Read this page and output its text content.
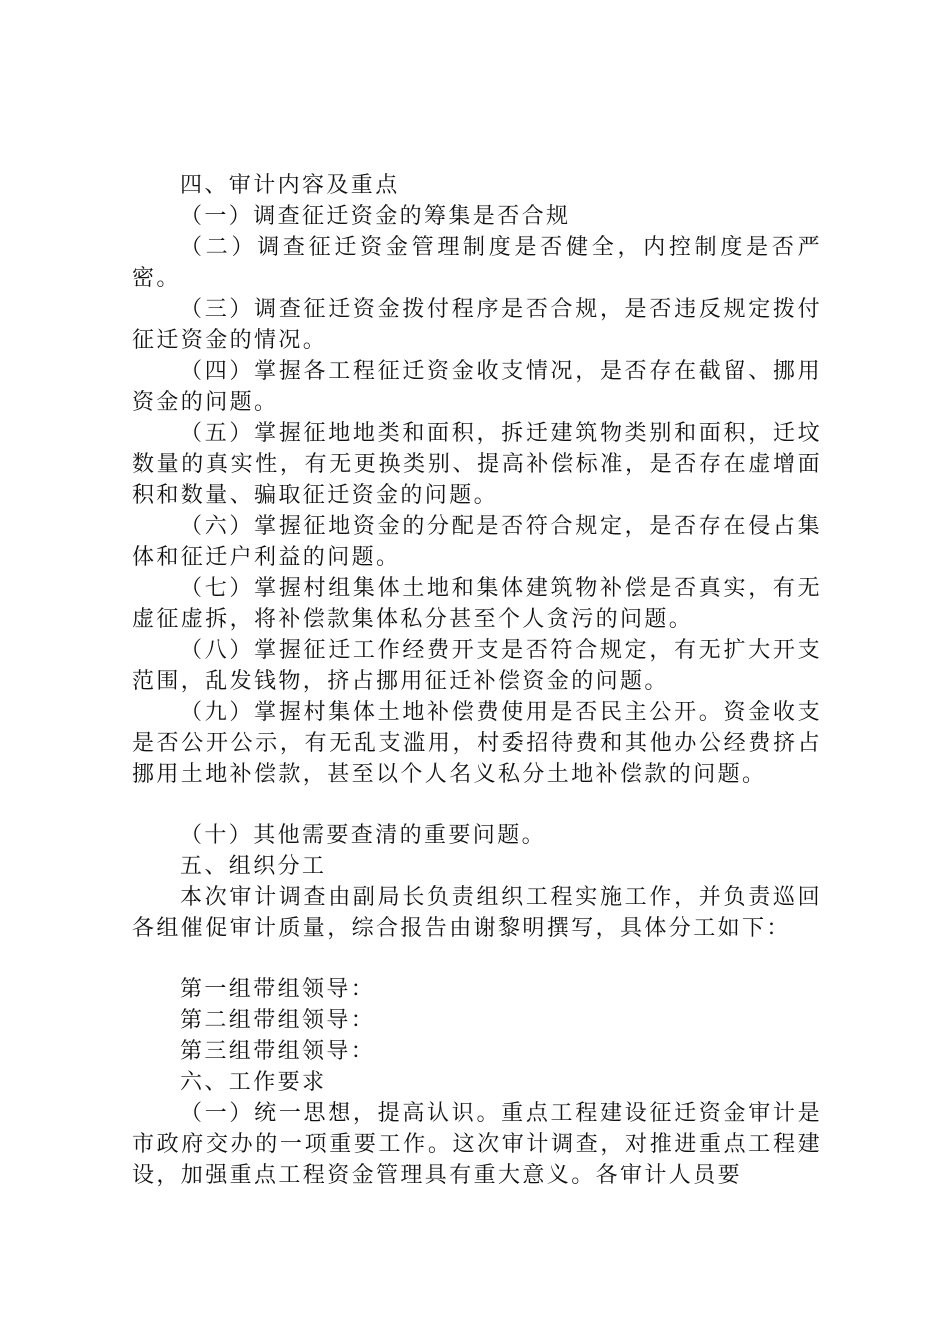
四、审计内容及重点

（一）调查征迁资金的筹集是否合规

（二）调查征迁资金管理制度是否健全，内控制度是否严密。

（三）调查征迁资金拨付程序是否合规，是否违反规定拨付征迁资金的情况。

（四）掌握各工程征迁资金收支情况，是否存在截留、挪用资金的问题。

（五）掌握征地地类和面积，拆迁建筑物类别和面积，迁坟数量的真实性，有无更换类别、提高补偿标准，是否存在虚增面积和数量、骗取征迁资金的问题。

（六）掌握征地资金的分配是否符合规定，是否存在侵占集体和征迁户利益的问题。

（七）掌握村组集体土地和集体建筑物补偿是否真实，有无虚征虚拆，将补偿款集体私分甚至个人贪污的问题。

（八）掌握征迁工作经费开支是否符合规定，有无扩大开支范围，乱发钱物，挤占挪用征迁补偿资金的问题。

（九）掌握村集体土地补偿费使用是否民主公开。资金收支是否公开公示，有无乱支滥用，村委招待费和其他办公经费挤占挪用土地补偿款，甚至以个人名义私分土地补偿款的问题。

（十）其他需要查清的重要问题。

五、组织分工

本次审计调查由副局长负责组织工程实施工作，并负责巡回各组催促审计质量，综合报告由谢黎明撰写，具体分工如下：

第一组带组领导：

第二组带组领导：

第三组带组领导：

六、工作要求

（一）统一思想，提高认识。重点工程建设征迁资金审计是市政府交办的一项重要工作。这次审计调查，对推进重点工程建设，加强重点工程资金管理具有重大意义。各审计人员要
